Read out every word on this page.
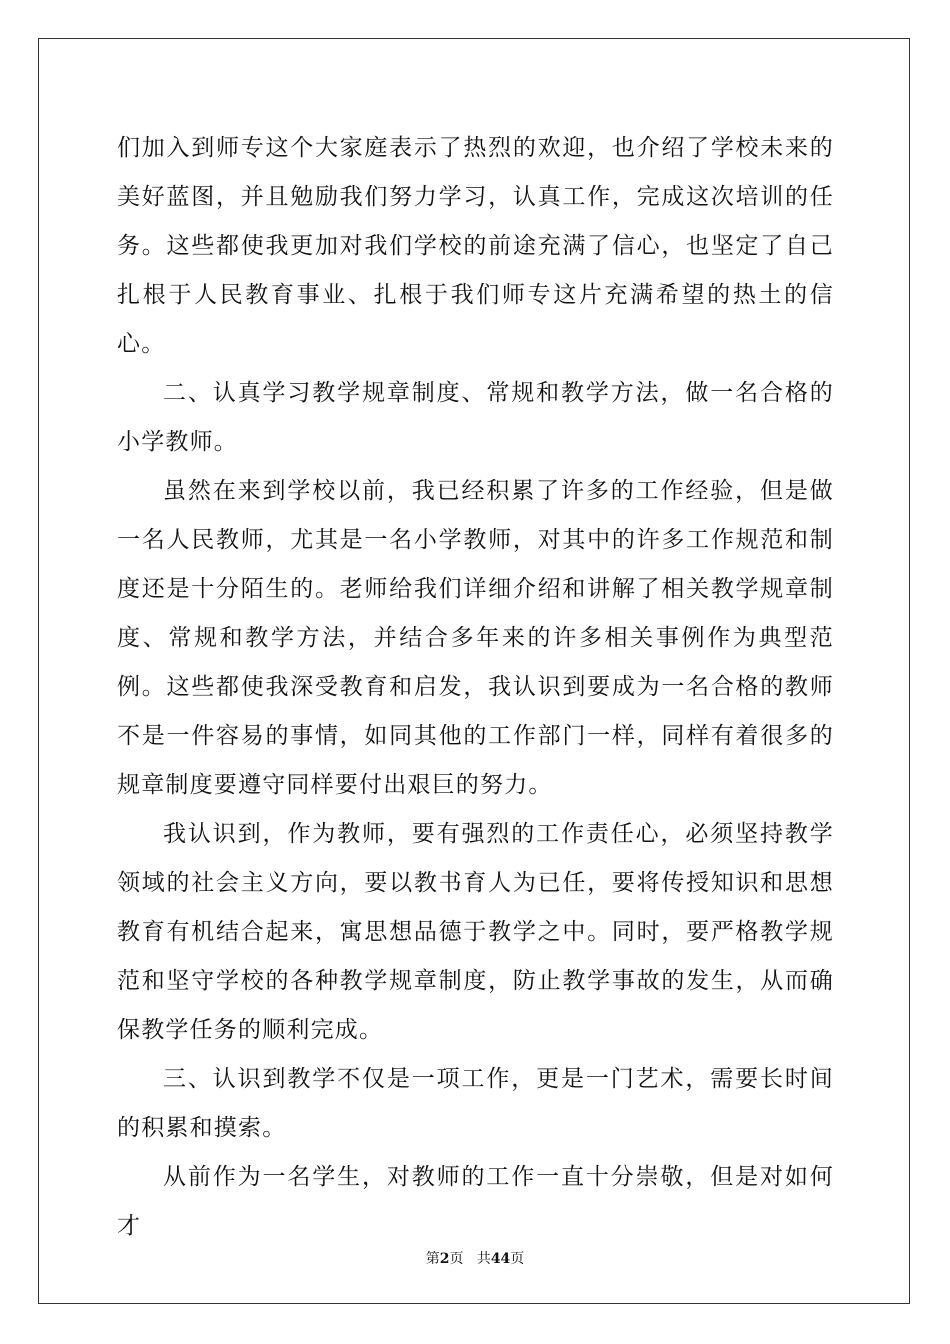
们加入到师专这个大家庭表示了热烈的欢迎，也介绍了学校未来的美好蓝图，并且勉励我们努力学习，认真工作，完成这次培训的任务。这些都使我更加对我们学校的前途充满了信心，也坚定了自己扎根于人民教育事业、扎根于我们师专这片充满希望的热土的信心。

二、认真学习教学规章制度、常规和教学方法，做一名合格的小学教师。

虽然在来到学校以前，我已经积累了许多的工作经验，但是做一名人民教师，尤其是一名小学教师，对其中的许多工作规范和制度还是十分陌生的。老师给我们详细介绍和讲解了相关教学规章制度、常规和教学方法，并结合多年来的许多相关事例作为典型范例。这些都使我深受教育和启发，我认识到要成为一名合格的教师不是一件容易的事情，如同其他的工作部门一样，同样有着很多的规章制度要遵守同样要付出艰巨的努力。

我认识到，作为教师，要有强烈的工作责任心，必须坚持教学领域的社会主义方向，要以教书育人为已任，要将传授知识和思想教育有机结合起来，寓思想品德于教学之中。同时，要严格教学规范和坚守学校的各种教学规章制度，防止教学事故的发生，从而确保教学任务的顺利完成。

三、认识到教学不仅是一项工作，更是一门艺术，需要长时间的积累和摸索。

从前作为一名学生，对教师的工作一直十分崇敬，但是对如何才

第2页 共44页
